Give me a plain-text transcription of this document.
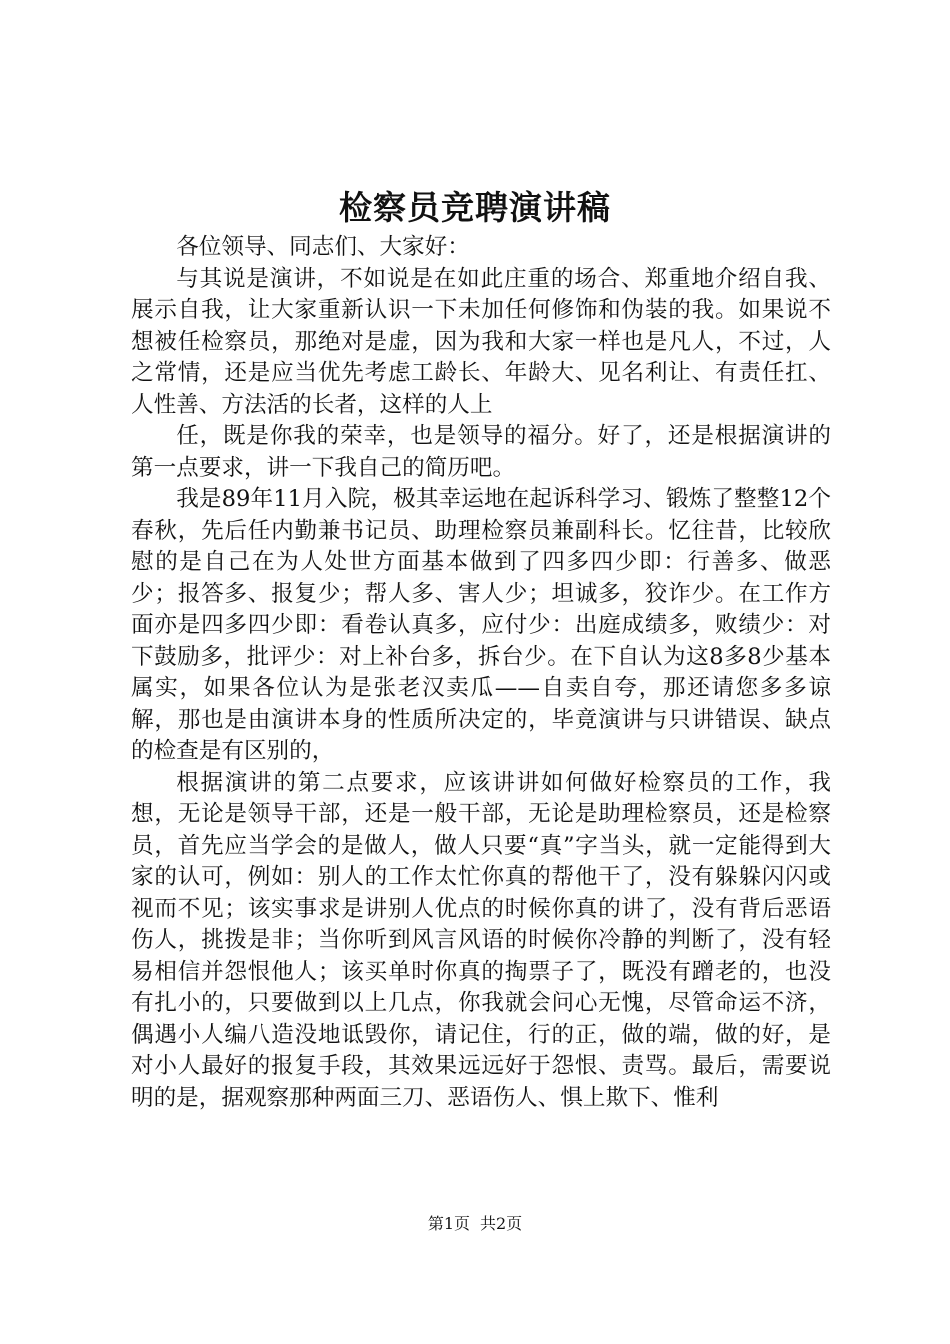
检察员竞聘演讲稿

各位领导、同志们、大家好：

与其说是演讲，不如说是在如此庄重的场合、郑重地介绍自我、展示自我，让大家重新认识一下未加任何修饰和伪装的我。如果说不想被任检察员，那绝对是虚，因为我和大家一样也是凡人，不过，人之常情，还是应当优先考虑工龄长、年龄大、见名利让、有责任扛、人性善、方法活的长者，这样的人上

任，既是你我的荣幸，也是领导的福分。好了，还是根据演讲的第一点要求，讲一下我自己的简历吧。

我是89年11月入院，极其幸运地在起诉科学习、锻炼了整整12个春秋，先后任内勤兼书记员、助理检察员兼副科长。忆往昔，比较欣慰的是自己在为人处世方面基本做到了四多四少即：行善多、做恶少；报答多、报复少；帮人多、害人少；坦诚多，狡诈少。在工作方面亦是四多四少即：看卷认真多，应付少：出庭成绩多，败绩少：对下鼓励多，批评少：对上补台多，拆台少。在下自认为这8多8少基本属实，如果各位认为是张老汉卖瓜——自卖自夸，那还请您多多谅解，那也是由演讲本身的性质所决定的，毕竟演讲与只讲错误、缺点的检查是有区别的，

根据演讲的第二点要求，应该讲讲如何做好检察员的工作，我想，无论是领导干部，还是一般干部，无论是助理检察员，还是检察员，首先应当学会的是做人，做人只要“真”字当头，就一定能得到大家的认可，例如：别人的工作太忙你真的帮他干了，没有躲躲闪闪或视而不见；该实事求是讲别人优点的时候你真的讲了，没有背后恶语伤人，挑拨是非；当你听到风言风语的时候你冷静的判断了，没有轻易相信并怨恨他人；该买单时你真的掏票子了，既没有蹭老的，也没有扎小的，只要做到以上几点，你我就会问心无愧，尽管命运不济，偶遇小人编八造没地诋毁你，请记住，行的正，做的端，做的好，是对小人最好的报复手段，其效果远远好于怨恨、责骂。最后，需要说明的是，据观察那种两面三刀、恶语伤人、惧上欺下、惟利

第1页 共2页
